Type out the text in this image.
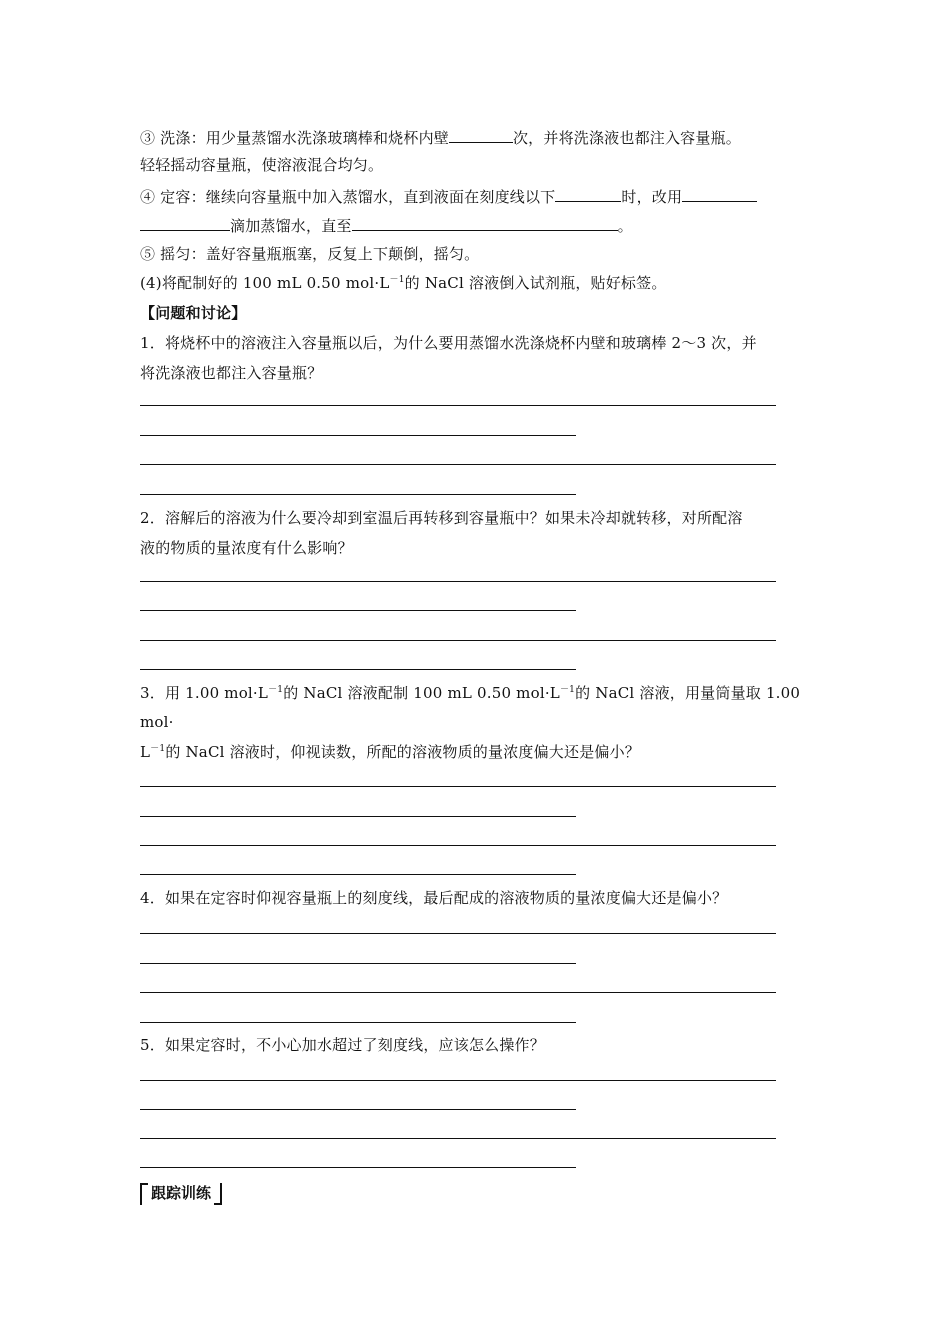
③ 洗涤：用少量蒸馏水洗涤玻璃棒和烧杯内壁	次，并将洗涤液也都注入容量瓶。
轻轻摇动容量瓶，使溶液混合均匀。
④ 定容：继续向容量瓶中加入蒸馏水，直到液面在刻度线以下	时，改用
滴加蒸馏水，直至	。
⑤ 摇匀：盖好容量瓶瓶塞，反复上下颠倒，摇匀。
(4)将配制好的 100 mL 0.50 $mol\cdot L^{-1}$的 NaCl 溶液倒入试剂瓶，贴好标签。
【问题和讨论】
1．将烧杯中的溶液注入容量瓶以后，为什么要用蒸馏水洗涤烧杯内壁和玻璃棒 2～3 次，并
将洗涤液也都注入容量瓶？
2．溶解后的溶液为什么要冷却到室温后再转移到容量瓶中？如果未冷却就转移，对所配溶
液的物质的量浓度有什么影响？
3．用 1.00 $mol\cdot L^{-1}$的 NaCl 溶液配制 100 mL 0.50 $mol\cdot L^{-1}$的 NaCl 溶液，用量筒量取 1.00
mol·
$L^{-1}$的 NaCl 溶液时，仰视读数，所配的溶液物质的量浓度偏大还是偏小？
4．如果在定容时仰视容量瓶上的刻度线，最后配成的溶液物质的量浓度偏大还是偏小？
5．如果定容时，不小心加水超过了刻度线，应该怎么操作？
跟踪训练
